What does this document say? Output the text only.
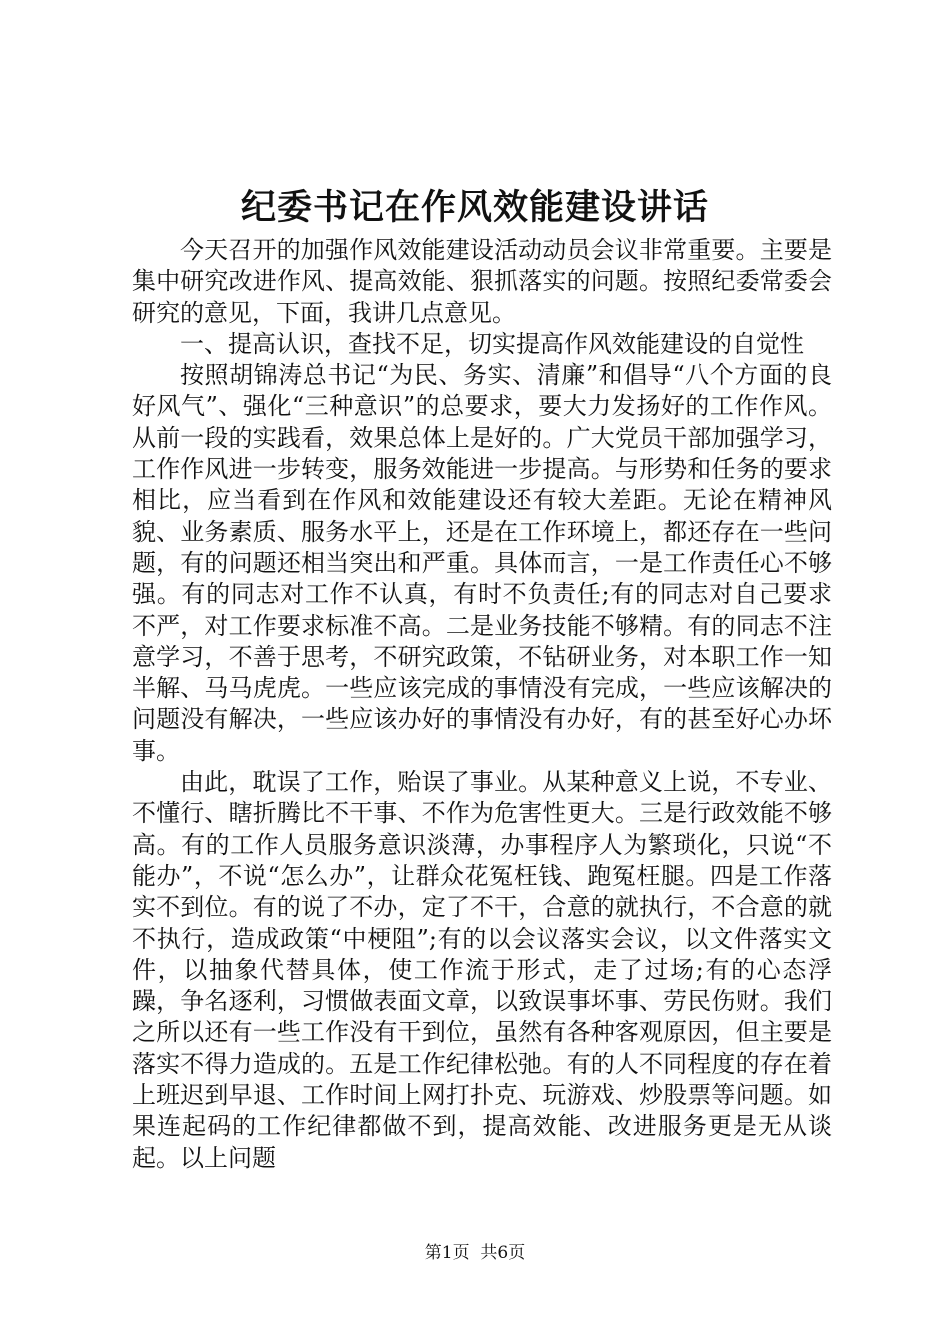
纪委书记在作风效能建设讲话

今天召开的加强作风效能建设活动动员会议非常重要。主要是集中研究改进作风、提高效能、狠抓落实的问题。按照纪委常委会研究的意见，下面，我讲几点意见。

一、提高认识，查找不足，切实提高作风效能建设的自觉性

按照胡锦涛总书记“为民、务实、清廉”和倡导“八个方面的良好风气”、强化“三种意识”的总要求，要大力发扬好的工作作风。从前一段的实践看，效果总体上是好的。广大党员干部加强学习，工作作风进一步转变，服务效能进一步提高。与形势和任务的要求相比，应当看到在作风和效能建设还有较大差距。无论在精神风貌、业务素质、服务水平上，还是在工作环境上，都还存在一些问题，有的问题还相当突出和严重。具体而言，一是工作责任心不够强。有的同志对工作不认真，有时不负责任;有的同志对自己要求不严，对工作要求标准不高。二是业务技能不够精。有的同志不注意学习，不善于思考，不研究政策，不钻研业务，对本职工作一知半解、马马虎虎。一些应该完成的事情没有完成，一些应该解决的问题没有解决，一些应该办好的事情没有办好，有的甚至好心办坏事。

由此，耽误了工作，贻误了事业。从某种意义上说，不专业、不懂行、瞎折腾比不干事、不作为危害性更大。三是行政效能不够高。有的工作人员服务意识淡薄，办事程序人为繁琐化，只说“不能办”，不说“怎么办”，让群众花冤枉钱、跑冤枉腿。四是工作落实不到位。有的说了不办，定了不干，合意的就执行，不合意的就不执行，造成政策“中梗阻”;有的以会议落实会议，以文件落实文件，以抽象代替具体，使工作流于形式，走了过场;有的心态浮躁，争名逐利，习惯做表面文章，以致误事坏事、劳民伤财。我们之所以还有一些工作没有干到位，虽然有各种客观原因，但主要是落实不得力造成的。五是工作纪律松弛。有的人不同程度的存在着上班迟到早退、工作时间上网打扑克、玩游戏、炒股票等问题。如果连起码的工作纪律都做不到，提高效能、改进服务更是无从谈起。以上问题

第1页  共6页
